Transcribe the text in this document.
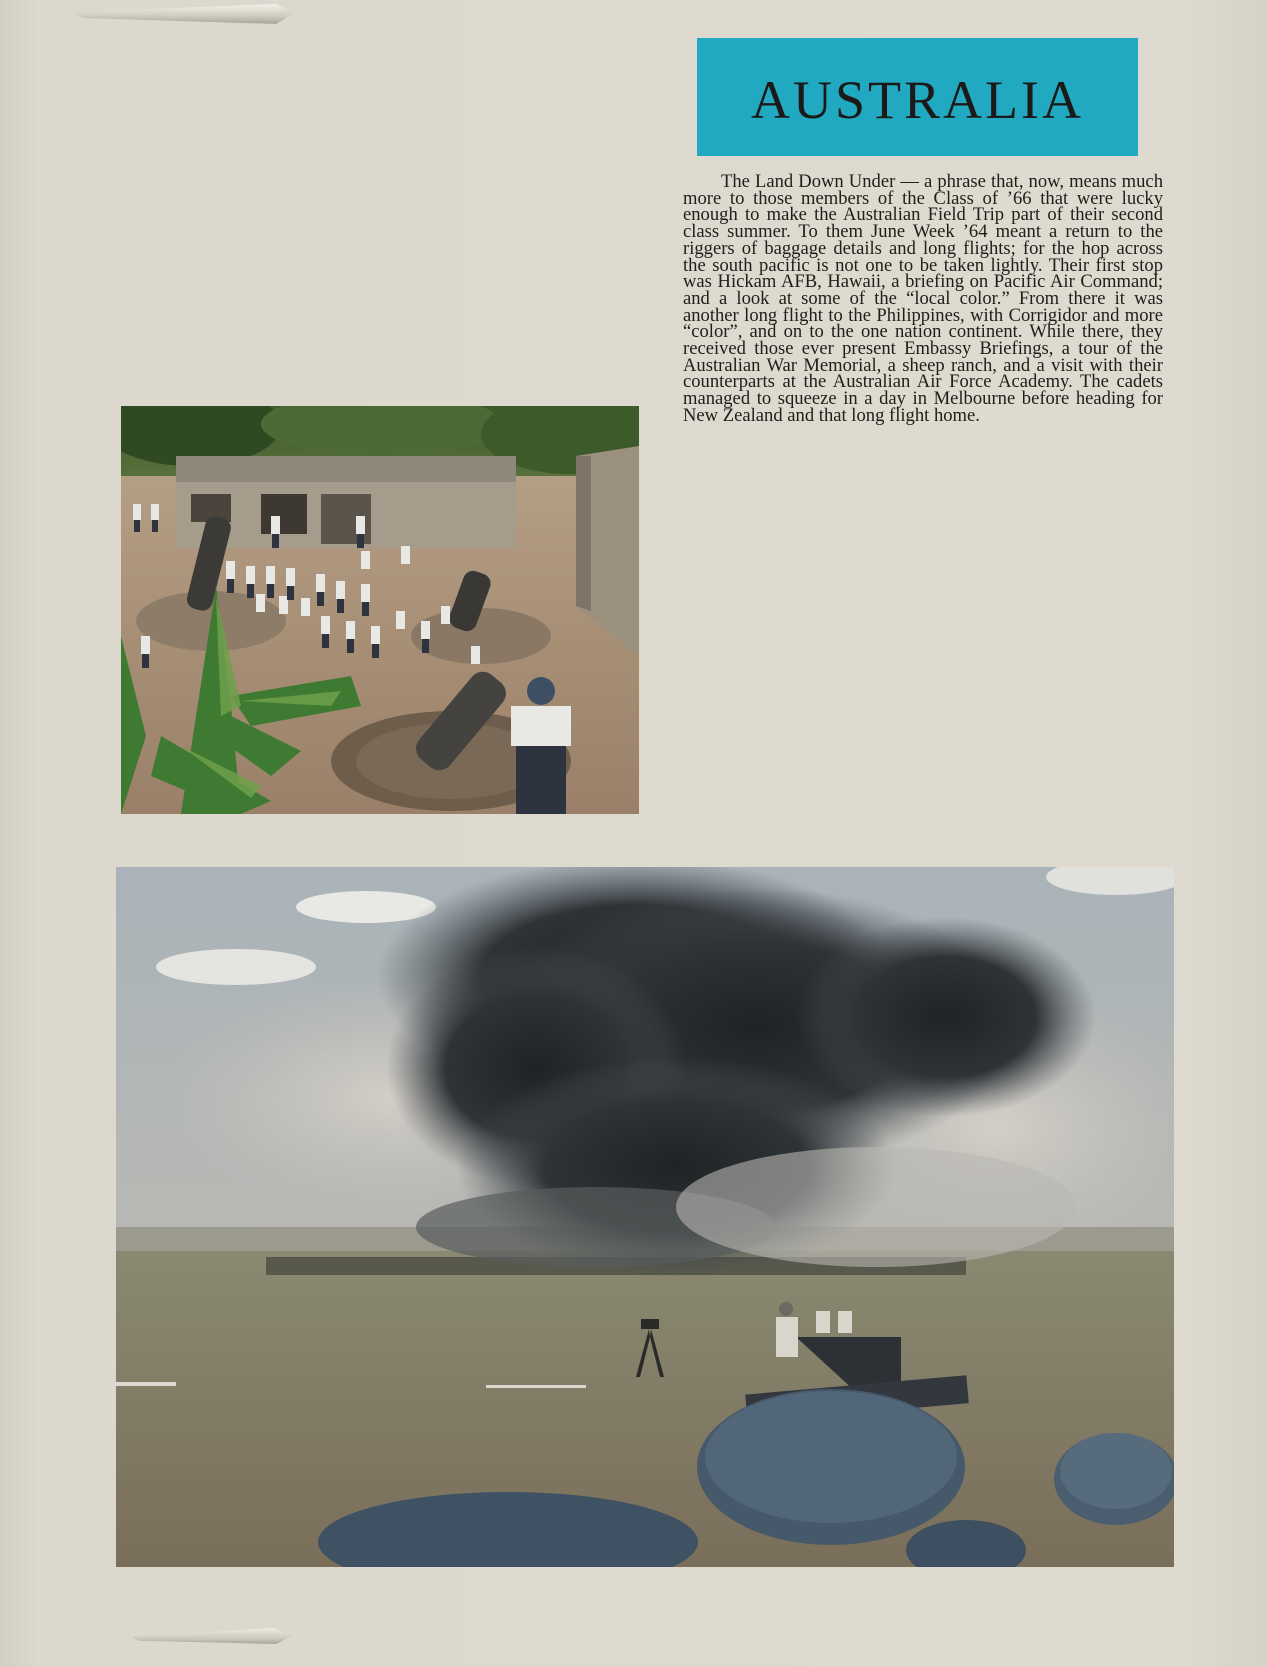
AUSTRALIA

The Land Down Under — a phrase that, now, means much more to those members of the Class of ’66 that were lucky enough to make the Australian Field Trip part of their second class summer. To them June Week ’64 meant a return to the riggers of baggage details and long flights; for the hop across the south pacific is not one to be taken lightly. Their first stop was Hickam AFB, Hawaii, a briefing on Pacific Air Command; and a look at some of the “local color.” From there it was another long flight to the Philippines, with Corrigidor and more “color”, and on to the one nation continent. While there, they received those ever present Embassy Briefings, a tour of the Australian War Memorial, a sheep ranch, and a visit with their counterparts at the Australian Air Force Academy. The cadets managed to squeeze in a day in Melbourne before heading for New Zealand and that long flight home.
